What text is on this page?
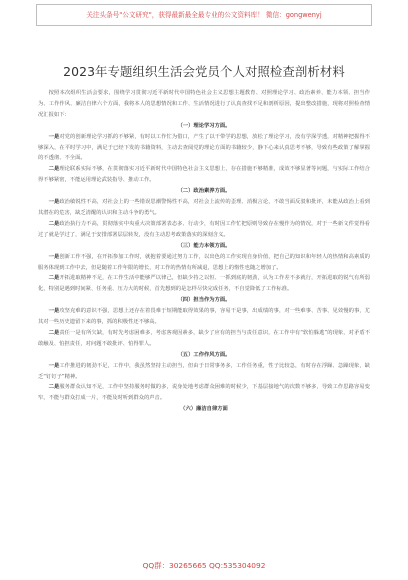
关注头条号"公文研究"，获得最新最全最专业的公文资料库！ 微信：gongwenyj
2023年专题组织生活会党员个人对照检查剖析材料

按照本次组织生活会要求，围绕学习贯彻习近平新时代中国特色社会主义思想主题教育、对照理论学习、政治素养、能力本领、担当作为、工作作风、廉洁自律六个方面，我将本人的思想情况和工作、生活情况进行了认真查找不足和剖析原因，提出整改措施，现将对照检查情况汇报如下：

（一）理论学习方面。

一是对党的创新理论学习抓的不够紧，有时以工作忙为借口，产生了以干带学的思想，放松了理论学习，没有学深学透，对精神把握得不够深入，在平时学习中，满足于已经下发的书籍资料，主动去查阅党的理论方面的书籍较少，静下心来认真思考不够，导致有些政策了解掌握的不透彻、不全面。

二是理论联系实际不够，在贯彻落实习近平新时代中国特色社会主义思想上，存在措施不够精准，成效不够显著等问题，与实际工作结合得不够紧密，不能运用理论武装指导、推动工作。

（二）政治素养方面。

一是政治敏锐性不高，对社会上的一些错误思潮警惕性不高，对社会上流传的歪理、消极言论，不敢当面反驳和批评，未能从政治上看到其潜在的危害，缺乏清醒的认识和主动斗争的勇气。

二是政治执行力不高，贯彻落实中央重大决策部署表态多、行动少，有时因工作忙把原则导致存在慢作为的情况，对于一些新文件觉得看过了就是学过了，满足于安排部署层层转发，没有主动思考政策落实的深刻含义。

（三）能力本领方面。

一是创新工作不强，在开拓参加工作时，就抱着要通过努力工作，以出色的工作实现自身价值，把自己的知识和年轻人的热情和高素质的服务体现到工作中去，但是随着工作年限的增长，对工作的热情有所减退，思想上的惰性也随之增加了。

二是开拓进取精神不足，在工作生活中能够严以律己，但缺少持之以恒、一抓到底的韧劲，认为工作差不多就行，开拓进取的锐气有所弱化，特别是遇到时间紧、任务重、压力大的时候，首先想到的是怎样尽快完成任务，不自觉降低了工作标准。

（四）担当作为方面。

一是攻坚克难的意识不强，思想上还存在着畏难于短期能取得效果的事，容易干是事，出成绩的事，对一些难事、苦事、见效慢的事，尤其对一些历史遗留下来的事，抓的积极性还不够高。

二是责任一是有所欠缺，有时先考虑困难多，考虑客观因素多，缺少了应有的担当与责任意识，在工作中有“软怕躲逃”的现象，对矛盾不敢触及、怕担责任，对问题不敢批评、怕得罪人。

（五）工作作风方面。

一是工作推进的韧劲不足，工作中，我虽然坚持主动担当，但由于日常事务多，工作任务重，性子比较急，有时存在浮躁、急躁现象，缺乏“钉钉子”精神。

二是服务群众认知不足，工作中坚持服务时做的多，说身处地考虑群众困难的时候少，下基层接地气的次数不够多，导致工作思路容易变窄，不能与群众打成一片，不能及时听到群众的声音。

（六）廉洁自律方面

QQ群：30265665 QQ:535304092
